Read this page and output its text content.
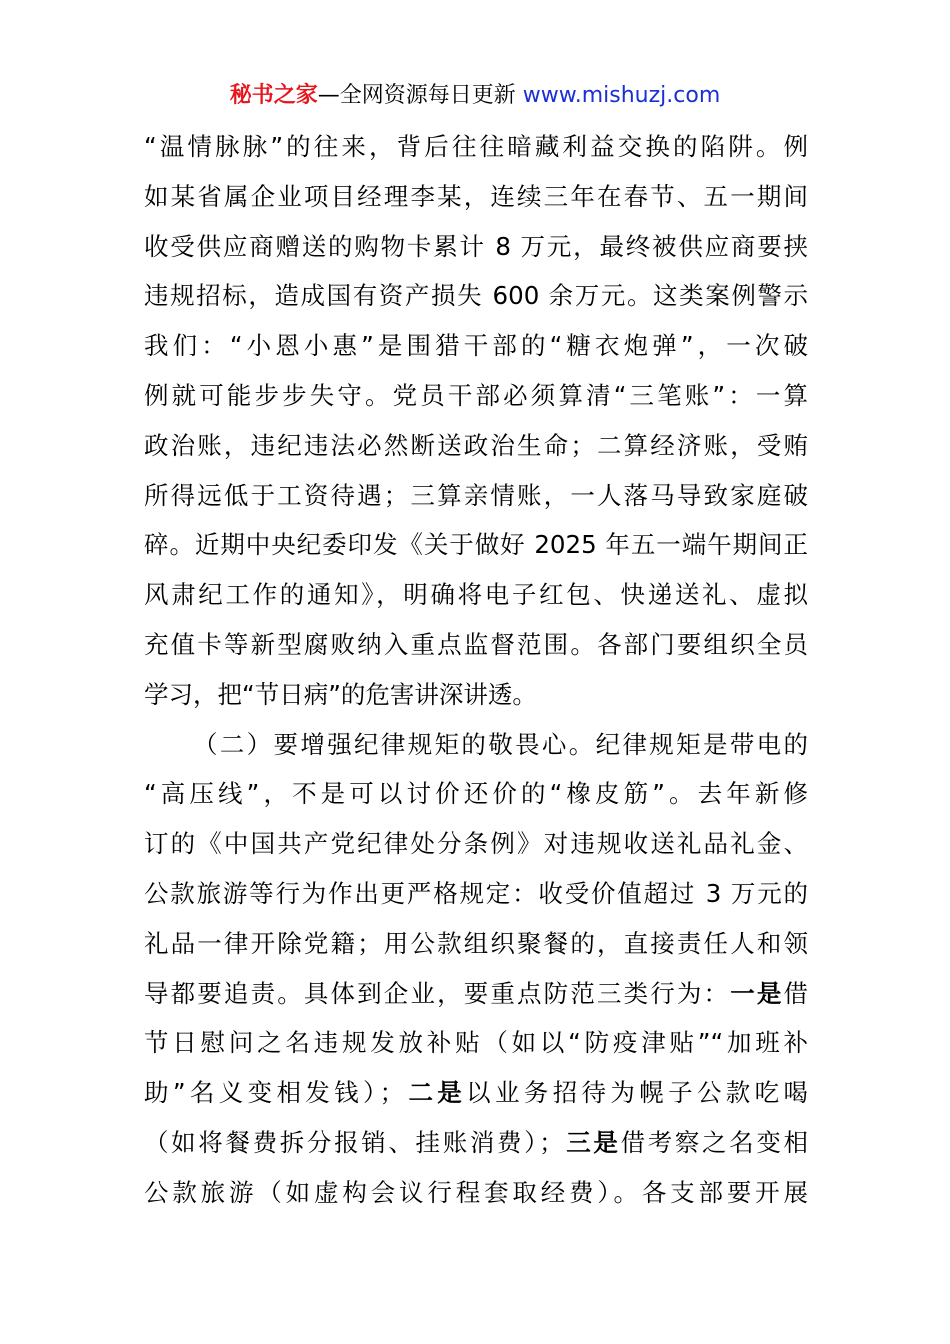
秘书之家—全网资源每日更新 www.mishuzj.com
“温情脉脉”的往来，背后往往暗藏利益交换的陷阱。例
如某省属企业项目经理李某，连续三年在春节、五一期间
收受供应商赠送的购物卡累计 8 万元，最终被供应商要挟
违规招标，造成国有资产损失 600 余万元。这类案例警示
我们：“小恩小惠”是围猎干部的“糖衣炮弹”，一次破
例就可能步步失守。党员干部必须算清“三笔账”：一算
政治账，违纪违法必然断送政治生命；二算经济账，受贿
所得远低于工资待遇；三算亲情账，一人落马导致家庭破
碎。近期中央纪委印发《关于做好 2025 年五一端午期间正
风肃纪工作的通知》，明确将电子红包、快递送礼、虚拟
充值卡等新型腐败纳入重点监督范围。各部门要组织全员
学习，把“节日病”的危害讲深讲透。
（二）要增强纪律规矩的敬畏心。纪律规矩是带电的
“高压线”，不是可以讨价还价的“橡皮筋”。去年新修
订的《中国共产党纪律处分条例》对违规收送礼品礼金、
公款旅游等行为作出更严格规定：收受价值超过 3 万元的
礼品一律开除党籍；用公款组织聚餐的，直接责任人和领
导都要追责。具体到企业，要重点防范三类行为：一是借
节日慰问之名违规发放补贴（如以“防疫津贴”“加班补
助”名义变相发钱）；二是以业务招待为幌子公款吃喝
（如将餐费拆分报销、挂账消费）；三是借考察之名变相
公款旅游（如虚构会议行程套取经费）。各支部要开展
